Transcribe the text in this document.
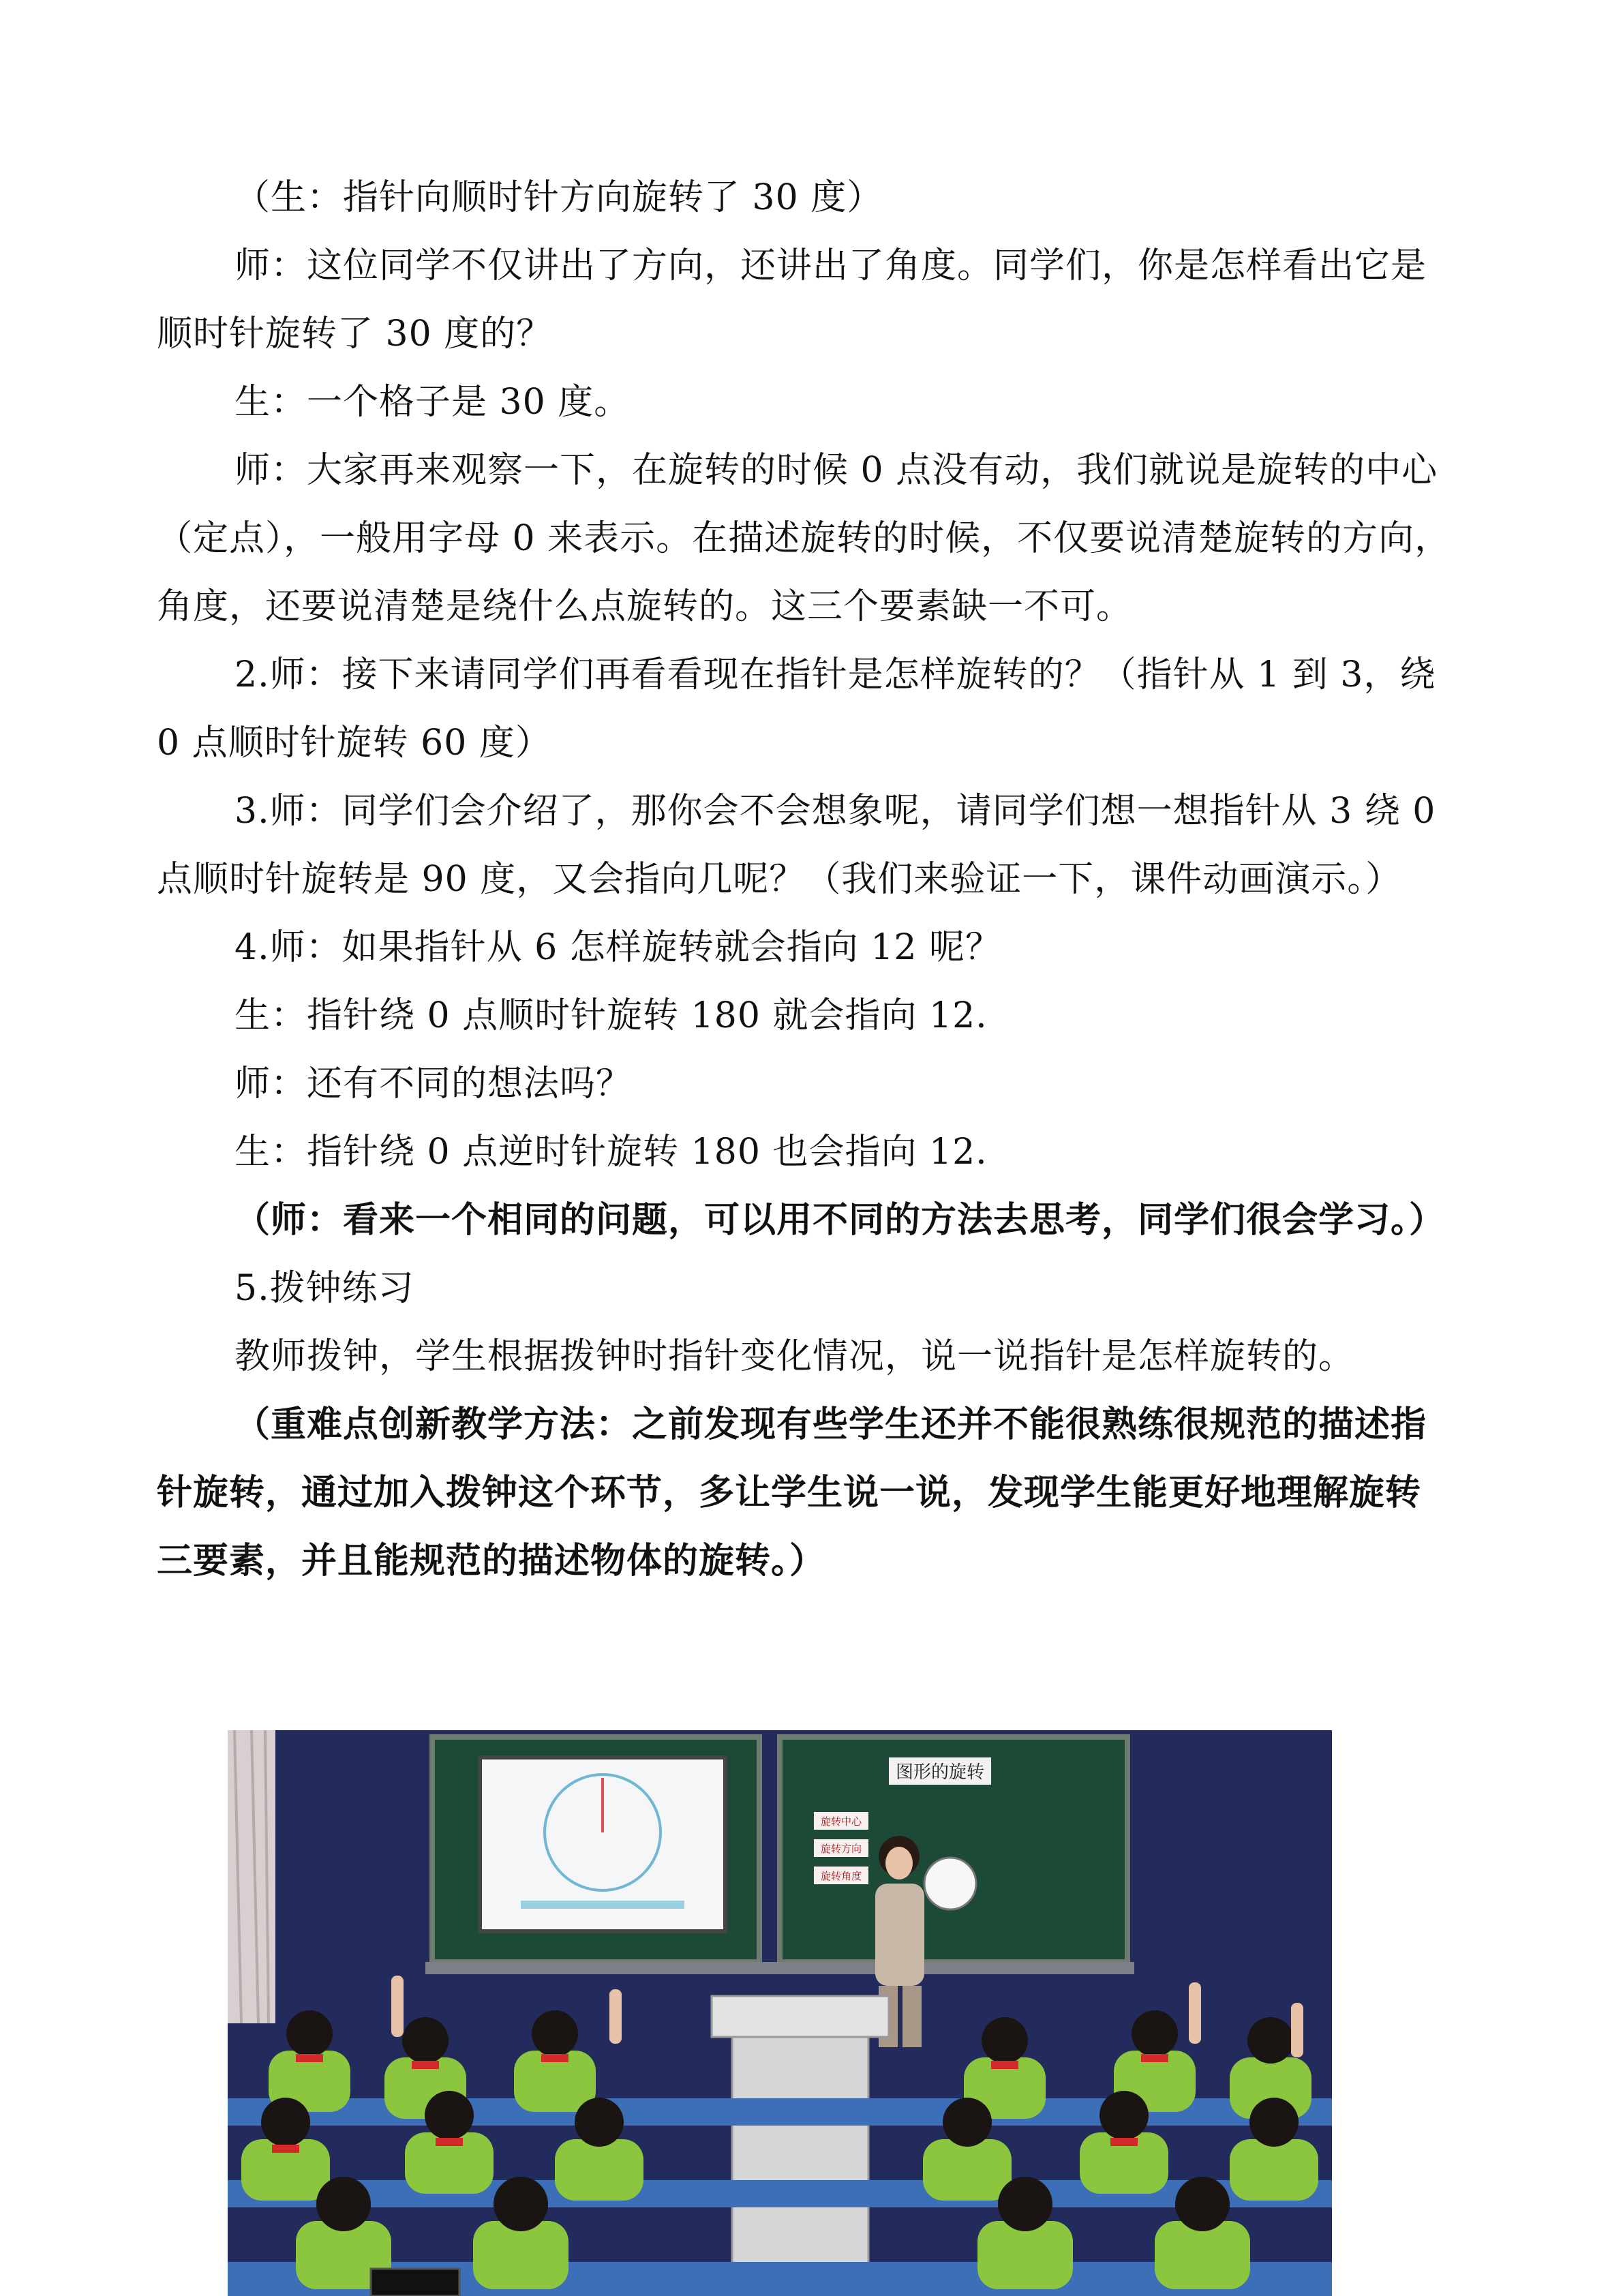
（生：指针向顺时针方向旋转了 30 度）

师：这位同学不仅讲出了方向，还讲出了角度。同学们，你是怎样看出它是顺时针旋转了 30 度的？

生：一个格子是 30 度。

师：大家再来观察一下，在旋转的时候 0 点没有动，我们就说是旋转的中心（定点），一般用字母 0 来表示。在描述旋转的时候，不仅要说清楚旋转的方向，角度，还要说清楚是绕什么点旋转的。这三个要素缺一不可。

2.师：接下来请同学们再看看现在指针是怎样旋转的？（指针从 1 到 3，绕 0 点顺时针旋转 60 度）

3.师：同学们会介绍了，那你会不会想象呢，请同学们想一想指针从 3 绕 0 点顺时针旋转是 90 度，又会指向几呢？（我们来验证一下，课件动画演示。）

4.师：如果指针从 6 怎样旋转就会指向 12 呢？

生：指针绕 0 点顺时针旋转 180 就会指向 12.

师：还有不同的想法吗？

生：指针绕 0 点逆时针旋转 180 也会指向 12.

（师：看来一个相同的问题，可以用不同的方法去思考，同学们很会学习。）

5.拨钟练习

教师拨钟，学生根据拨钟时指针变化情况，说一说指针是怎样旋转的。

（重难点创新教学方法：之前发现有些学生还并不能很熟练很规范的描述指针旋转，通过加入拨钟这个环节，多让学生说一说，发现学生能更好地理解旋转三要素，并且能规范的描述物体的旋转。）

图形的旋转
旋转中心
旋转方向
旋转角度
